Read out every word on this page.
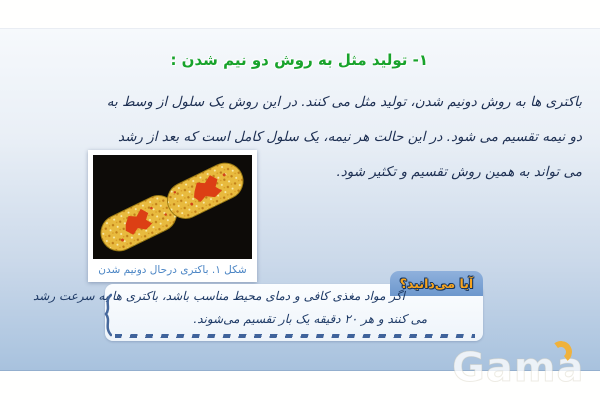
۱- تولید مثل به روش دو نیم شدن :
باکتری ها به روش دونیم شدن، تولید مثل می کنند. در این روش یک سلول از وسط به
دو نیمه تقسیم می شود. در این حالت هر نیمه، یک سلول کامل است که بعد از رشد
می تواند به همین روش تقسیم و تکثیر شود.
شکل ۱. باکتری درحال دونیم شدن
آیا می‌دانید؟
اگر مواد مغذی کافی و دمای محیط مناسب باشد، باکتری ها به سرعت رشد
می کنند و هر ۲۰ دقیقه یک بار تقسیم می‌شوند.
Gama
